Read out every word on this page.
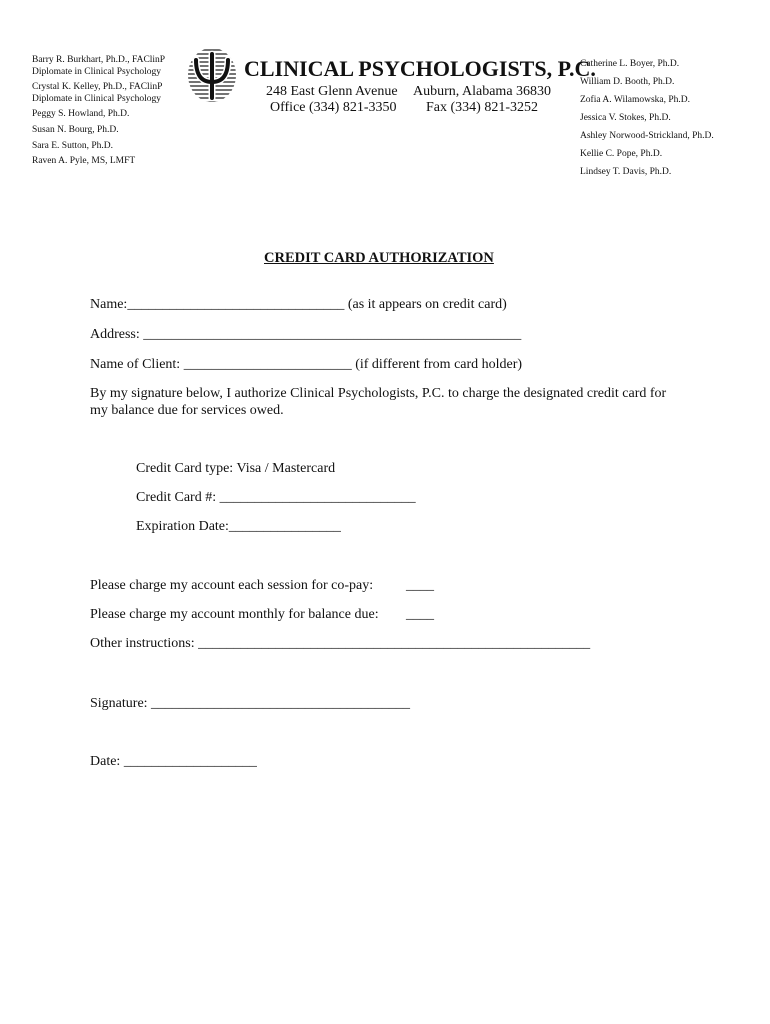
Barry R. Burkhart, Ph.D., FAClinP
Diplomate in Clinical Psychology
Crystal K. Kelley, Ph.D., FAClinP
Diplomate in Clinical Psychology
Peggy S. Howland, Ph.D.
Susan N. Bourg, Ph.D.
Sara E. Sutton, Ph.D.
Raven A. Pyle, MS, LMFT
CLINICAL PSYCHOLOGISTS, P.C.
248 East Glenn Avenue Auburn, Alabama 36830
Office (334) 821-3350 Fax (334) 821-3252
Catherine L. Boyer, Ph.D.
William D. Booth, Ph.D.
Zofia A. Wilamowska, Ph.D.
Jessica V. Stokes, Ph.D.
Ashley Norwood-Strickland, Ph.D.
Kellie C. Pope, Ph.D.
Lindsey T. Davis, Ph.D.
CREDIT CARD AUTHORIZATION
Name:_______________________________ (as it appears on credit card)
Address: ______________________________________________________
Name of Client: ________________________ (if different from card holder)
By my signature below, I authorize Clinical Psychologists, P.C. to charge the designated credit card for my balance due for services owed.
Credit Card type: Visa / Mastercard
Credit Card #: ____________________________
Expiration Date:________________
Please charge my account each session for co-pay: ____
Please charge my account monthly for balance due: ____
Other instructions: ________________________________________________________
Signature: _____________________________________
Date: ___________________
